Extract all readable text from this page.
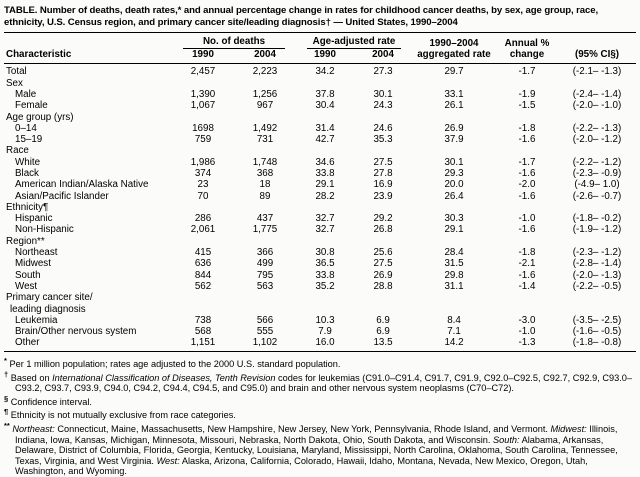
TABLE. Number of deaths, death rates,* and annual percentage change in rates for childhood cancer deaths, by sex, age group, race, ethnicity, U.S. Census region, and primary cancer site/leading diagnosis† — United States, 1990–2004

	No. of deaths		Age-adjusted rate		1990–2004	Annual %	
Characteristic	1990	2004	1990	2004	aggregated rate	change	(95% CI§)
Total	2,457	2,223	34.2	27.3	29.7	-1.7	(-2.1– -1.3)
Sex							
Male	1,390	1,256	37.8	30.1	33.1	-1.9	(-2.4– -1.4)
Female	1,067	967	30.4	24.3	26.1	-1.5	(-2.0– -1.0)
Age group (yrs)							
0–14	1698	1,492	31.4	24.6	26.9	-1.8	(-2.2– -1.3)
15–19	759	731	42.7	35.3	37.9	-1.6	(-2.0– -1.2)
Race							
White	1,986	1,748	34.6	27.5	30.1	-1.7	(-2.2– -1.2)
Black	374	368	33.8	27.8	29.3	-1.6	(-2.3– -0.9)
American Indian/Alaska Native	23	18	29.1	16.9	20.0	-2.0	(-4.9– 1.0)
Asian/Pacific Islander	70	89	28.2	23.9	26.4	-1.6	(-2.6– -0.7)
Ethnicity¶							
Hispanic	286	437	32.7	29.2	30.3	-1.0	(-1.8– -0.2)
Non-Hispanic	2,061	1,775	32.7	26.8	29.1	-1.6	(-1.9– -1.2)
Region**							
Northeast	415	366	30.8	25.6	28.4	-1.8	(-2.3– -1.2)
Midwest	636	499	36.5	27.5	31.5	-2.1	(-2.8– -1.4)
South	844	795	33.8	26.9	29.8	-1.6	(-2.0– -1.3)
West	562	563	35.2	28.8	31.1	-1.4	(-2.2– -0.5)
Primary cancer site/
leading diagnosis							
Leukemia	738	566	10.3	6.9	8.4	-3.0	(-3.5– -2.5)
Brain/Other nervous system	568	555	7.9	6.9	7.1	-1.0	(-1.6– -0.5)
Other	1,151	1,102	16.0	13.5	14.2	-1.3	(-1.8– -0.8)
* Per 1 million population; rates age adjusted to the 2000 U.S. standard population.
† Based on International Classification of Diseases, Tenth Revision codes for leukemias (C91.0–C91.4, C91.7, C91.9, C92.0–C92.5, C92.7, C92.9, C93.0–C93.2, C93.7, C93.9, C94.0, C94.2, C94.4, C94.5, and C95.0) and brain and other nervous system neoplasms (C70–C72).
§ Confidence interval.
¶ Ethnicity is not mutually exclusive from race categories.
** Northeast: Connecticut, Maine, Massachusetts, New Hampshire, New Jersey, New York, Pennsylvania, Rhode Island, and Vermont. Midwest: Illinois, Indiana, Iowa, Kansas, Michigan, Minnesota, Missouri, Nebraska, North Dakota, Ohio, South Dakota, and Wisconsin. South: Alabama, Arkansas, Delaware, District of Columbia, Florida, Georgia, Kentucky, Louisiana, Maryland, Mississippi, North Carolina, Oklahoma, South Carolina, Tennessee, Texas, Virginia, and West Virginia. West: Alaska, Arizona, California, Colorado, Hawaii, Idaho, Montana, Nevada, New Mexico, Oregon, Utah, Washington, and Wyoming.
